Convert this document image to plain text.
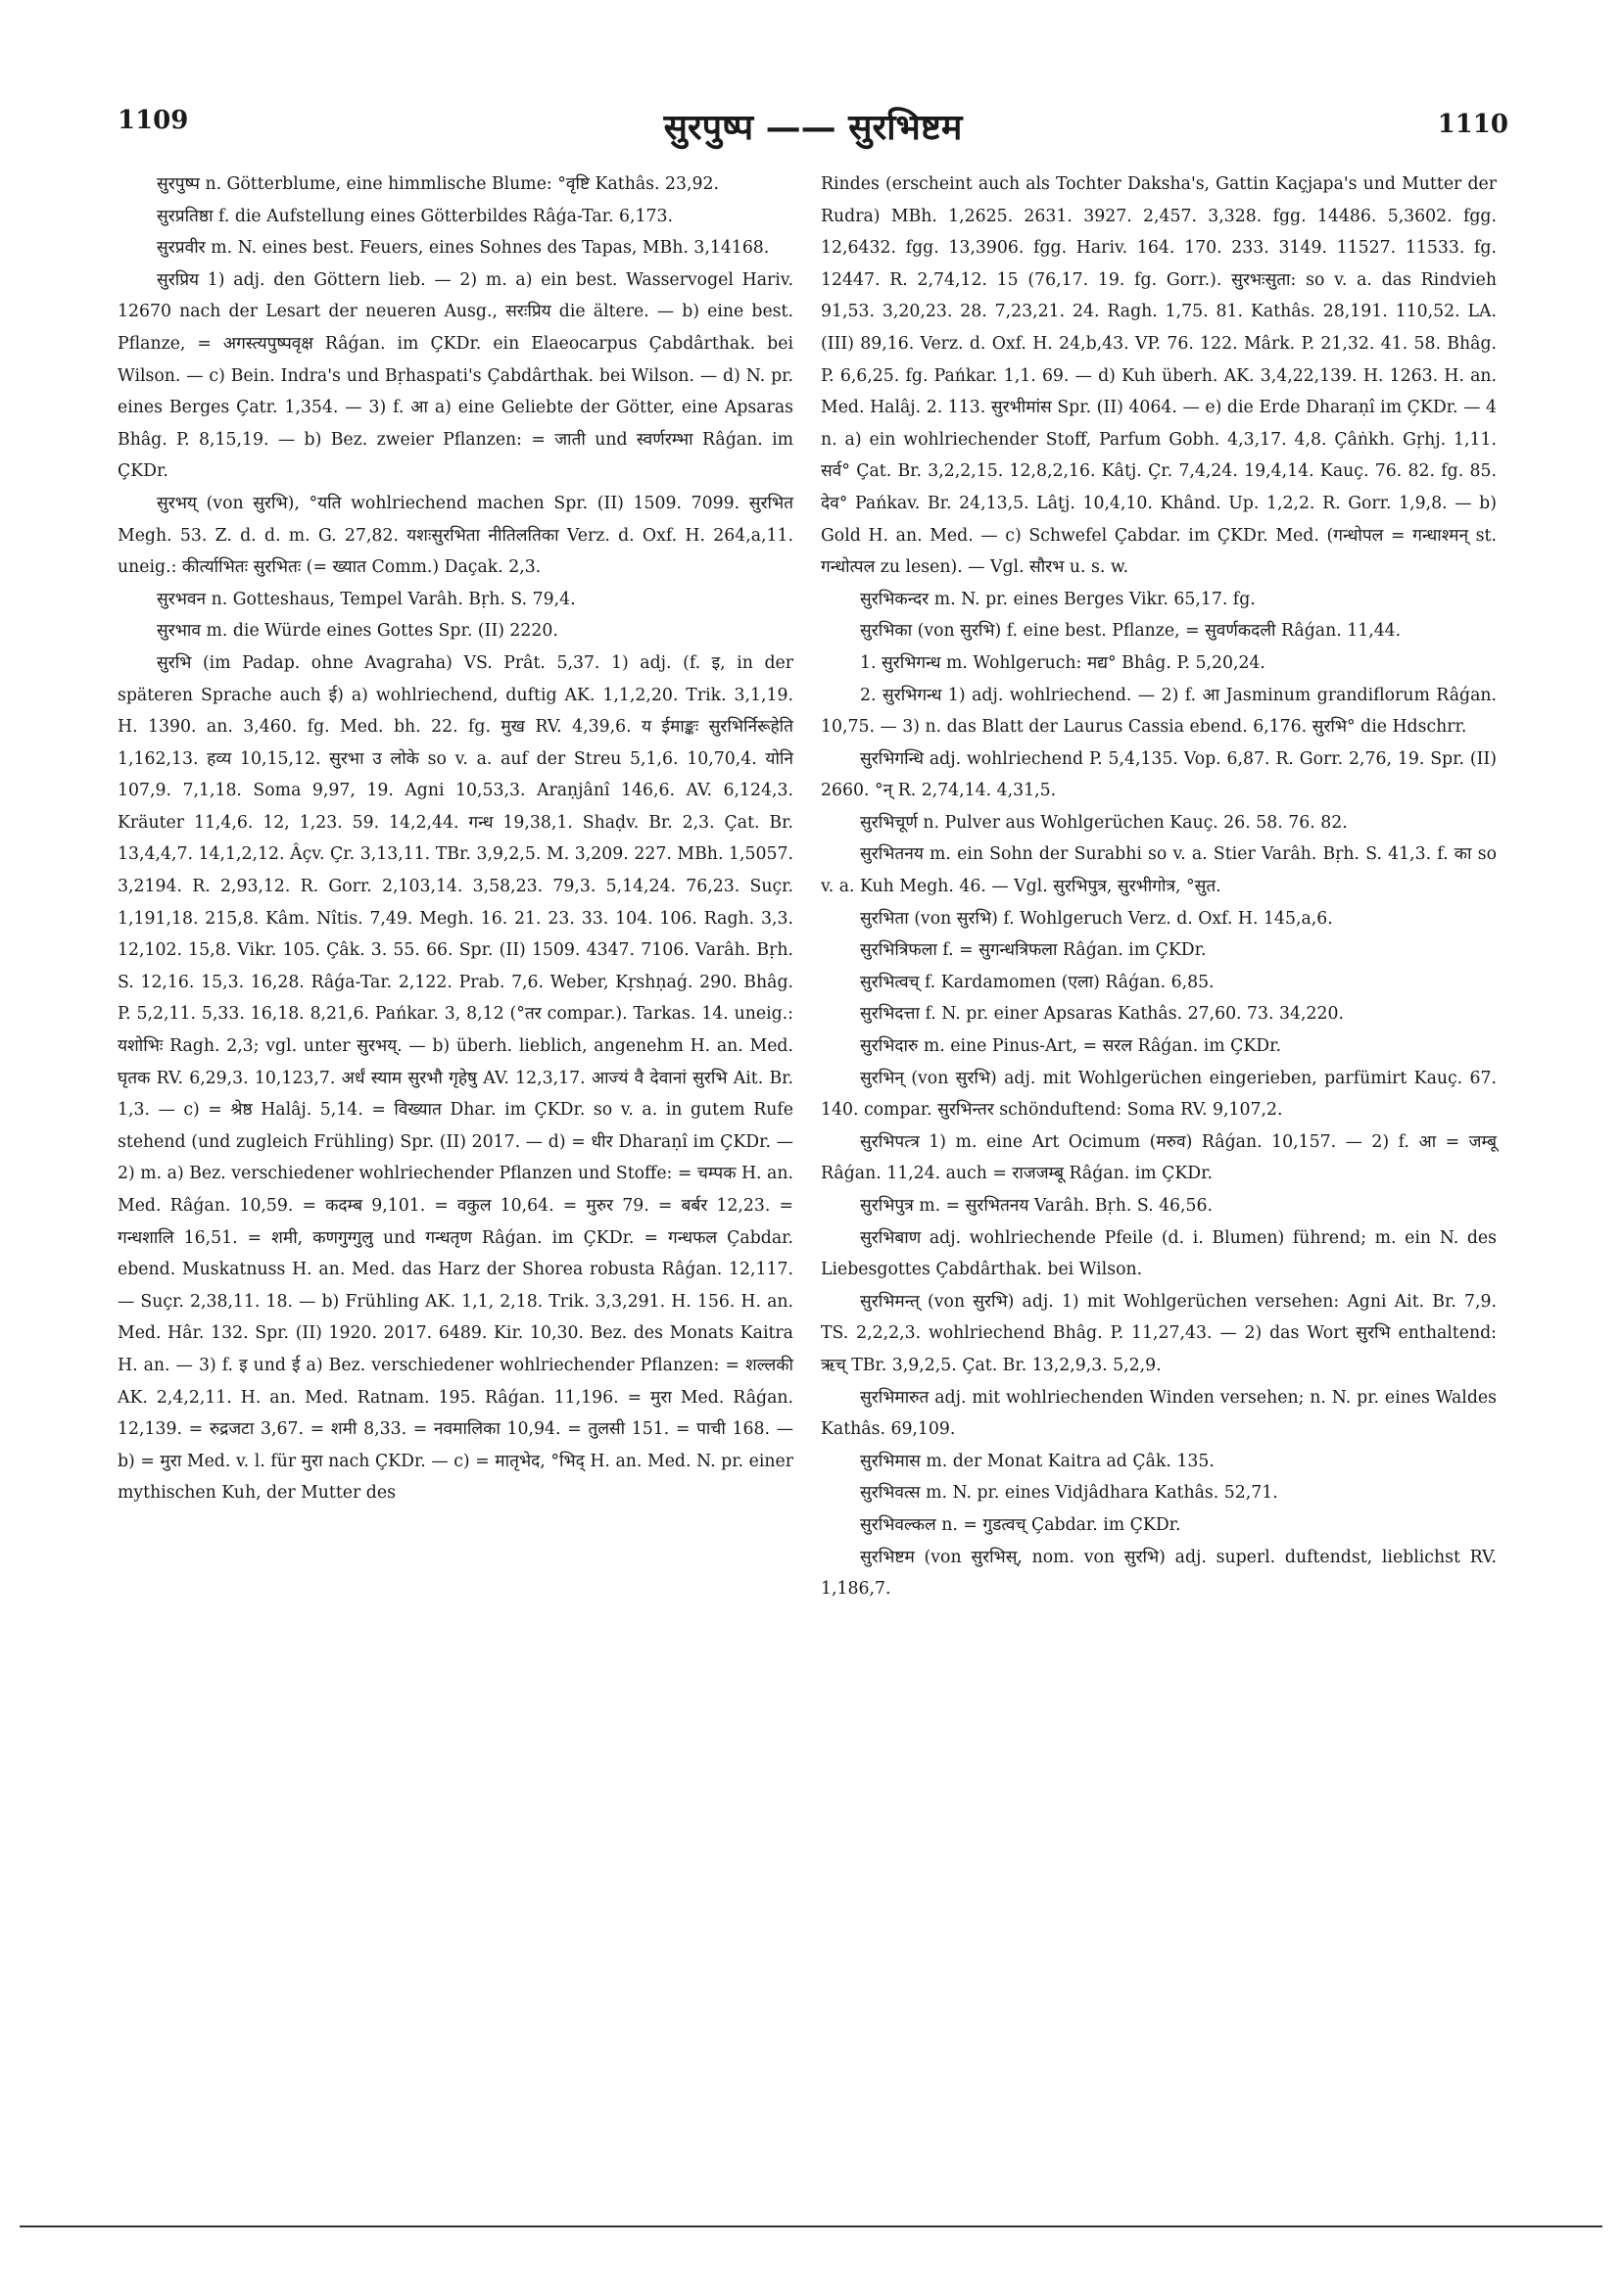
1109	सुरपुष्प —— सुरभिष्टम	1110

सुरपुष्प n. Götterblume, eine himmlische Blume: °वृष्टि Kathâs. 23,92.

सुरप्रतिष्ठा f. die Aufstellung eines Götterbildes Râǵa-Tar. 6,173.

सुरप्रवीर m. N. eines best. Feuers, eines Sohnes des Tapas, MBh. 3,14168.

सुरप्रिय 1) adj. den Göttern lieb. — 2) m. a) ein best. Wasservogel Hariv. 12670 nach der Lesart der neueren Ausg., सरःप्रिय die ältere. — b) eine best. Pflanze, = अगस्त्यपुष्पवृक्ष Râǵan. im ÇKDr. ein Elaeocarpus Çabdârthak. bei Wilson. — c) Bein. Indra's und Bṛhaspati's Çabdârthak. bei Wilson. — d) N. pr. eines Berges Çatr. 1,354. — 3) f. आ a) eine Geliebte der Götter, eine Apsaras Bhâg. P. 8,15,19. — b) Bez. zweier Pflanzen: = जाती und स्वर्णरम्भा Râǵan. im ÇKDr.

सुरभय् (von सुरभि), °यति wohlriechend machen Spr. (II) 1509. 7099. सुरभित Megh. 53. Z. d. d. m. G. 27,82. यशःसुरभिता नीतिलतिका Verz. d. Oxf. H. 264,a,11. uneig.: कीर्त्याभितः सुरभितः (= ख्यात Comm.) Daçak. 2,3.

सुरभवन n. Gotteshaus, Tempel Varâh. Bṛh. S. 79,4.

सुरभाव m. die Würde eines Gottes Spr. (II) 2220.

सुरभि (im Padap. ohne Avagraha) VS. Prât. 5,37. 1) adj. (f. इ, in der späteren Sprache auch ई) a) wohlriechend, duftig AK. 1,1,2,20. Trik. 3,1,19. H. 1390. an. 3,460. fg. Med. bh. 22. fg. मुख RV. 4,39,6. य ईमाङ्कः सुरभिर्निरूहेति 1,162,13. हव्य 10,15,12. सुरभा उ लोके so v. a. auf der Streu 5,1,6. 10,70,4. योनि 107,9. 7,1,18. Soma 9,97, 19. Agni 10,53,3. Araṇjânî 146,6. AV. 6,124,3. Kräuter 11,4,6. 12, 1,23. 59. 14,2,44. गन्ध 19,38,1. Shaḍv. Br. 2,3. Çat. Br. 13,4,4,7. 14,1,2,12. Âçv. Çr. 3,13,11. TBr. 3,9,2,5. M. 3,209. 227. MBh. 1,5057. 3,2194. R. 2,93,12. R. Gorr. 2,103,14. 3,58,23. 79,3. 5,14,24. 76,23. Suçr. 1,191,18. 215,8. Kâm. Nîtis. 7,49. Megh. 16. 21. 23. 33. 104. 106. Ragh. 3,3. 12,102. 15,8. Vikr. 105. Çâk. 3. 55. 66. Spr. (II) 1509. 4347. 7106. Varâh. Bṛh. S. 12,16. 15,3. 16,28. Râǵa-Tar. 2,122. Prab. 7,6. Weber, Kṛshṇaǵ. 290. Bhâg. P. 5,2,11. 5,33. 16,18. 8,21,6. Pańkar. 3, 8,12 (°तर compar.). Tarkas. 14. uneig.: यशोभिः Ragh. 2,3; vgl. unter सुरभय्. — b) überh. lieblich, angenehm H. an. Med. घृतक RV. 6,29,3. 10,123,7. अर्धं स्याम सुरभौ गृहेषु AV. 12,3,17. आज्यं वै देवानां सुरभि Ait. Br. 1,3. — c) = श्रेष्ठ Halâj. 5,14. = विख्यात Dhar. im ÇKDr. so v. a. in gutem Rufe stehend (und zugleich Frühling) Spr. (II) 2017. — d) = धीर Dharaṇî im ÇKDr. — 2) m. a) Bez. verschiedener wohlriechender Pflanzen und Stoffe: = चम्पक H. an. Med. Râǵan. 10,59. = कदम्ब 9,101. = वकुल 10,64. = मुरुर 79. = बर्बर 12,23. = गन्धशालि 16,51. = शमी, कणगुग्गुलु und गन्धतृण Râǵan. im ÇKDr. = गन्धफल Çabdar. ebend. Muskatnuss H. an. Med. das Harz der Shorea robusta Râǵan. 12,117. — Suçr. 2,38,11. 18. — b) Frühling AK. 1,1, 2,18. Trik. 3,3,291. H. 156. H. an. Med. Hâr. 132. Spr. (II) 1920. 2017. 6489. Kir. 10,30. Bez. des Monats Kaitra H. an. — 3) f. इ und ई a) Bez. verschiedener wohlriechender Pflanzen: = शल्लकी AK. 2,4,2,11. H. an. Med. Ratnam. 195. Râǵan. 11,196. = मुरा Med. Râǵan. 12,139. = रुद्रजटा 3,67. = शमी 8,33. = नवमालिका 10,94. = तुलसी 151. = पाची 168. — b) = मुरा Med. v. l. für मुरा nach ÇKDr. — c) = मातृभेद, °भिद् H. an. Med. N. pr. einer mythischen Kuh, der Mutter des

Rindes (erscheint auch als Tochter Daksha's, Gattin Kaçjapa's und Mutter der Rudra) MBh. 1,2625. 2631. 3927. 2,457. 3,328. fgg. 14486. 5,3602. fgg. 12,6432. fgg. 13,3906. fgg. Hariv. 164. 170. 233. 3149. 11527. 11533. fg. 12447. R. 2,74,12. 15 (76,17. 19. fg. Gorr.). सुरभःसुता: so v. a. das Rindvieh 91,53. 3,20,23. 28. 7,23,21. 24. Ragh. 1,75. 81. Kathâs. 28,191. 110,52. LA. (III) 89,16. Verz. d. Oxf. H. 24,b,43. VP. 76. 122. Mârk. P. 21,32. 41. 58. Bhâg. P. 6,6,25. fg. Pańkar. 1,1. 69. — d) Kuh überh. AK. 3,4,22,139. H. 1263. H. an. Med. Halâj. 2. 113. सुरभीमांस Spr. (II) 4064. — e) die Erde Dharaṇî im ÇKDr. — 4 n. a) ein wohlriechender Stoff, Parfum Gobh. 4,3,17. 4,8. Çâṅkh. Gṛhj. 1,11. सर्व° Çat. Br. 3,2,2,15. 12,8,2,16. Kâtj. Çr. 7,4,24. 19,4,14. Kauç. 76. 82. fg. 85. देव° Pańkav. Br. 24,13,5. Lâṭj. 10,4,10. Khând. Up. 1,2,2. R. Gorr. 1,9,8. — b) Gold H. an. Med. — c) Schwefel Çabdar. im ÇKDr. Med. (गन्धोपल = गन्धाश्मन् st. गन्धोत्पल zu lesen). — Vgl. सौरभ u. s. w.

सुरभिकन्दर m. N. pr. eines Berges Vikr. 65,17. fg.

सुरभिका (von सुरभि) f. eine best. Pflanze, = सुवर्णकदली Râǵan. 11,44.

1. सुरभिगन्ध m. Wohlgeruch: मद्य° Bhâg. P. 5,20,24.

2. सुरभिगन्ध 1) adj. wohlriechend. — 2) f. आ Jasminum grandiflorum Râǵan. 10,75. — 3) n. das Blatt der Laurus Cassia ebend. 6,176. सुरभि° die Hdschrr.

सुरभिगन्धि adj. wohlriechend P. 5,4,135. Vop. 6,87. R. Gorr. 2,76, 19. Spr. (II) 2660. °न् R. 2,74,14. 4,31,5.

सुरभिचूर्ण n. Pulver aus Wohlgerüchen Kauç. 26. 58. 76. 82.

सुरभितनय m. ein Sohn der Surabhi so v. a. Stier Varâh. Bṛh. S. 41,3. f. का so v. a. Kuh Megh. 46. — Vgl. सुरभिपुत्र, सुरभीगोत्र, °सुत.

सुरभिता (von सुरभि) f. Wohlgeruch Verz. d. Oxf. H. 145,a,6.

सुरभित्रिफला f. = सुगन्धत्रिफला Râǵan. im ÇKDr.

सुरभित्वच् f. Kardamomen (एला) Râǵan. 6,85.

सुरभिदत्ता f. N. pr. einer Apsaras Kathâs. 27,60. 73. 34,220.

सुरभिदारु m. eine Pinus-Art, = सरल Râǵan. im ÇKDr.

सुरभिन् (von सुरभि) adj. mit Wohlgerüchen eingerieben, parfümirt Kauç. 67. 140. compar. सुरभिन्तर schönduftend: Soma RV. 9,107,2.

सुरभिपत्त्र 1) m. eine Art Ocimum (मरुव) Râǵan. 10,157. — 2) f. आ = जम्बू Râǵan. 11,24. auch = राजजम्बू Râǵan. im ÇKDr.

सुरभिपुत्र m. = सुरभितनय Varâh. Bṛh. S. 46,56.

सुरभिबाण adj. wohlriechende Pfeile (d. i. Blumen) führend; m. ein N. des Liebesgottes Çabdârthak. bei Wilson.

सुरभिमन्त् (von सुरभि) adj. 1) mit Wohlgerüchen versehen: Agni Ait. Br. 7,9. TS. 2,2,2,3. wohlriechend Bhâg. P. 11,27,43. — 2) das Wort सुरभि enthaltend: ऋच् TBr. 3,9,2,5. Çat. Br. 13,2,9,3. 5,2,9.

सुरभिमारुत adj. mit wohlriechenden Winden versehen; n. N. pr. eines Waldes Kathâs. 69,109.

सुरभिमास m. der Monat Kaitra ad Çâk. 135.

सुरभिवत्स m. N. pr. eines Vidjâdhara Kathâs. 52,71.

सुरभिवल्कल n. = गुडत्वच् Çabdar. im ÇKDr.

सुरभिष्टम (von सुरभिस्, nom. von सुरभि) adj. superl. duftendst, lieblichst RV. 1,186,7.
